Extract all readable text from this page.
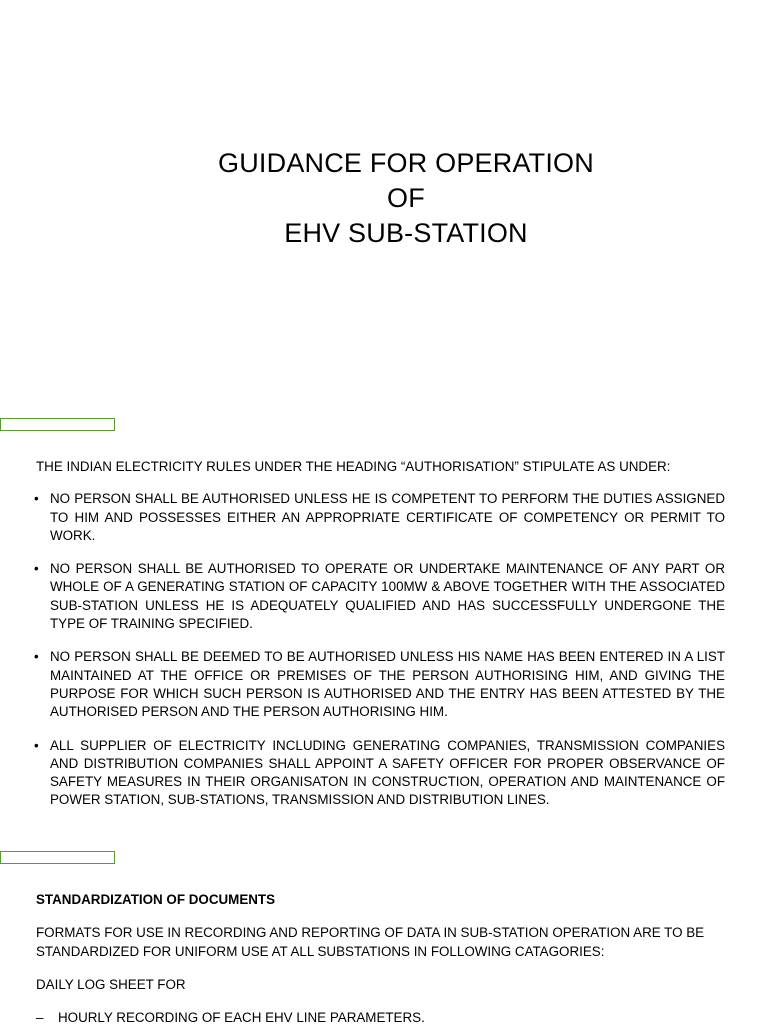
GUIDANCE FOR OPERATION
OF
EHV SUB-STATION

THE INDIAN ELECTRICITY RULES UNDER THE HEADING “AUTHORISATION” STIPULATE AS UNDER:

• NO PERSON SHALL BE AUTHORISED UNLESS HE IS COMPETENT TO PERFORM THE DUTIES ASSIGNED TO HIM AND POSSESSES EITHER AN APPROPRIATE CERTIFICATE OF COMPETENCY OR PERMIT TO WORK.
• NO PERSON SHALL BE AUTHORISED TO OPERATE OR UNDERTAKE MAINTENANCE OF ANY PART OR WHOLE OF A GENERATING STATION OF CAPACITY 100MW & ABOVE TOGETHER WITH THE ASSOCIATED SUB-STATION UNLESS HE IS ADEQUATELY QUALIFIED AND HAS SUCCESSFULLY UNDERGONE THE TYPE OF TRAINING SPECIFIED.
• NO PERSON SHALL BE DEEMED TO BE AUTHORISED UNLESS HIS NAME HAS BEEN ENTERED IN A LIST MAINTAINED AT THE OFFICE OR PREMISES OF THE PERSON AUTHORISING HIM, AND GIVING THE PURPOSE FOR WHICH SUCH PERSON IS AUTHORISED AND THE ENTRY HAS BEEN ATTESTED BY THE AUTHORISED PERSON AND THE PERSON AUTHORISING HIM.
• ALL SUPPLIER OF ELECTRICITY INCLUDING GENERATING COMPANIES, TRANSMISSION COMPANIES AND DISTRIBUTION COMPANIES SHALL APPOINT A SAFETY OFFICER FOR PROPER OBSERVANCE OF SAFETY MEASURES IN THEIR ORGANISATON IN CONSTRUCTION, OPERATION AND MAINTENANCE OF POWER STATION, SUB-STATIONS, TRANSMISSION AND DISTRIBUTION LINES.

STANDARDIZATION OF DOCUMENTS

FORMATS FOR USE IN RECORDING AND REPORTING OF DATA IN SUB-STATION OPERATION ARE TO BE STANDARDIZED FOR UNIFORM USE AT ALL SUBSTATIONS IN FOLLOWING CATAGORIES:

DAILY LOG SHEET FOR

– HOURLY RECORDING OF EACH EHV LINE PARAMETERS.
